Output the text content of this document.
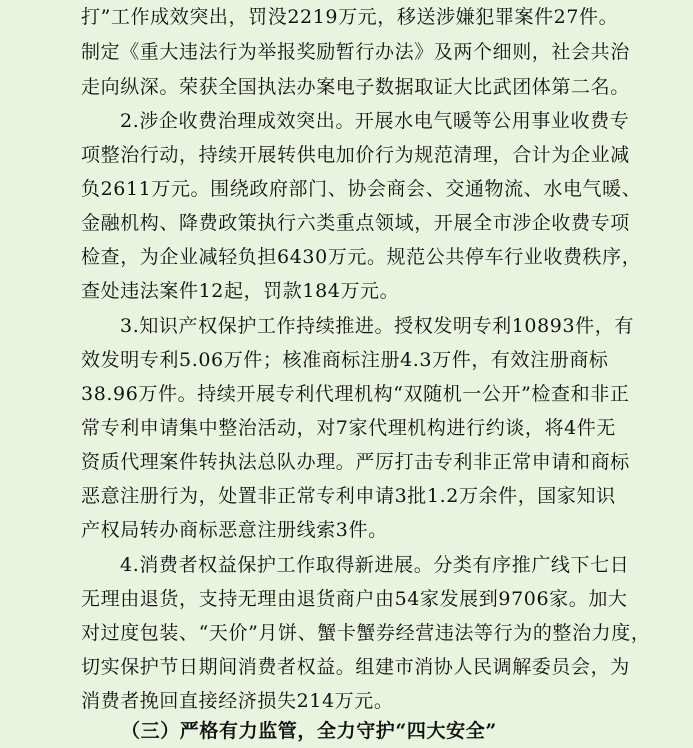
打”工作成效突出，罚没2219万元，移送涉嫌犯罪案件27件。
制定《重大违法行为举报奖励暂行办法》及两个细则，社会共治
走向纵深。荣获全国执法办案电子数据取证大比武团体第二名。
2.涉企收费治理成效突出。开展水电气暖等公用事业收费专
项整治行动，持续开展转供电加价行为规范清理，合计为企业减
负2611万元。围绕政府部门、协会商会、交通物流、水电气暖、
金融机构、降费政策执行六类重点领域，开展全市涉企收费专项
检查，为企业减轻负担6430万元。规范公共停车行业收费秩序，
查处违法案件12起，罚款184万元。
3.知识产权保护工作持续推进。授权发明专利10893件，有
效发明专利5.06万件；核准商标注册4.3万件，有效注册商标
38.96万件。持续开展专利代理机构“双随机一公开”检查和非正
常专利申请集中整治活动，对7家代理机构进行约谈，将4件无
资质代理案件转执法总队办理。严厉打击专利非正常申请和商标
恶意注册行为，处置非正常专利申请3批1.2万余件，国家知识
产权局转办商标恶意注册线索3件。
4.消费者权益保护工作取得新进展。分类有序推广线下七日
无理由退货，支持无理由退货商户由54家发展到9706家。加大
对过度包装、“天价”月饼、蟹卡蟹券经营违法等行为的整治力度，
切实保护节日期间消费者权益。组建市消协人民调解委员会，为
消费者挽回直接经济损失214万元。
（三）严格有力监管，全力守护“四大安全”
